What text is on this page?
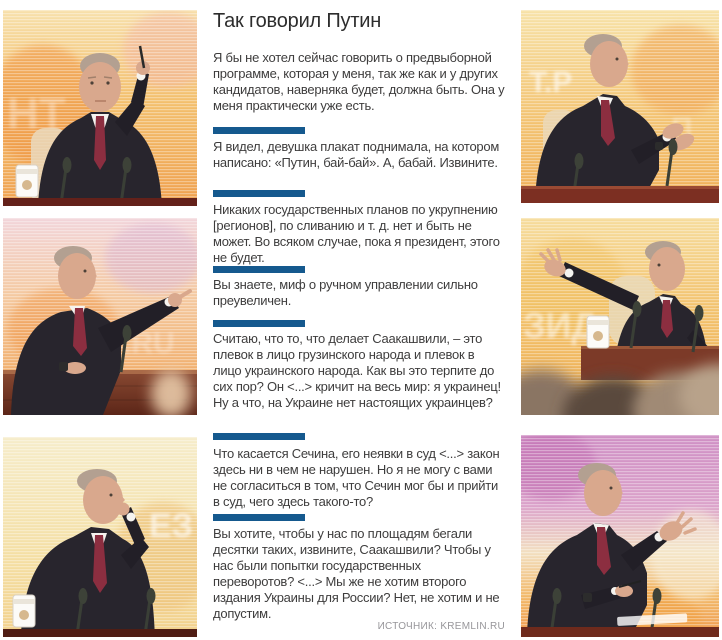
Так говорил Путин
Я бы не хотел сейчас говорить о предвыборной программе, которая у меня, так же как и у других кандидатов, наверняка будет, должна быть. Она у меня практически уже есть.
Я видел, девушка плакат поднимала, на котором написано: «Путин, бай-бай». А, бабай. Извините.
Никаких государственных планов по укрупнению [регионов], по сливанию и т. д. нет и быть не может. Во всяком случае, пока я президент, этого не будет.
Вы знаете, миф о ручном управлении сильно преувеличен.
Считаю, что то, что делает Саакашвили, – это плевок в лицо грузинского народа и плевок в лицо украинского народа. Как вы это терпите до сих пор? Он <...> кричит на весь мир: я украинец! Ну а что, на Украине нет настоящих украинцев?
Что касается Сечина, его неявки в суд <...> закон здесь ни в чем не нарушен. Но я не могу с вами не согласиться в том, что Сечин мог бы и прийти в суд, чего здесь такого-то?
Вы хотите, чтобы у нас по площадям бегали десятки таких, извините, Саакашвили? Чтобы у нас были попытки государственных переворотов? <...> Мы же не хотим второго издания Украины для России? Нет, не хотим и не допустим.
ИСТОЧНИК: KREMLIN.RU
